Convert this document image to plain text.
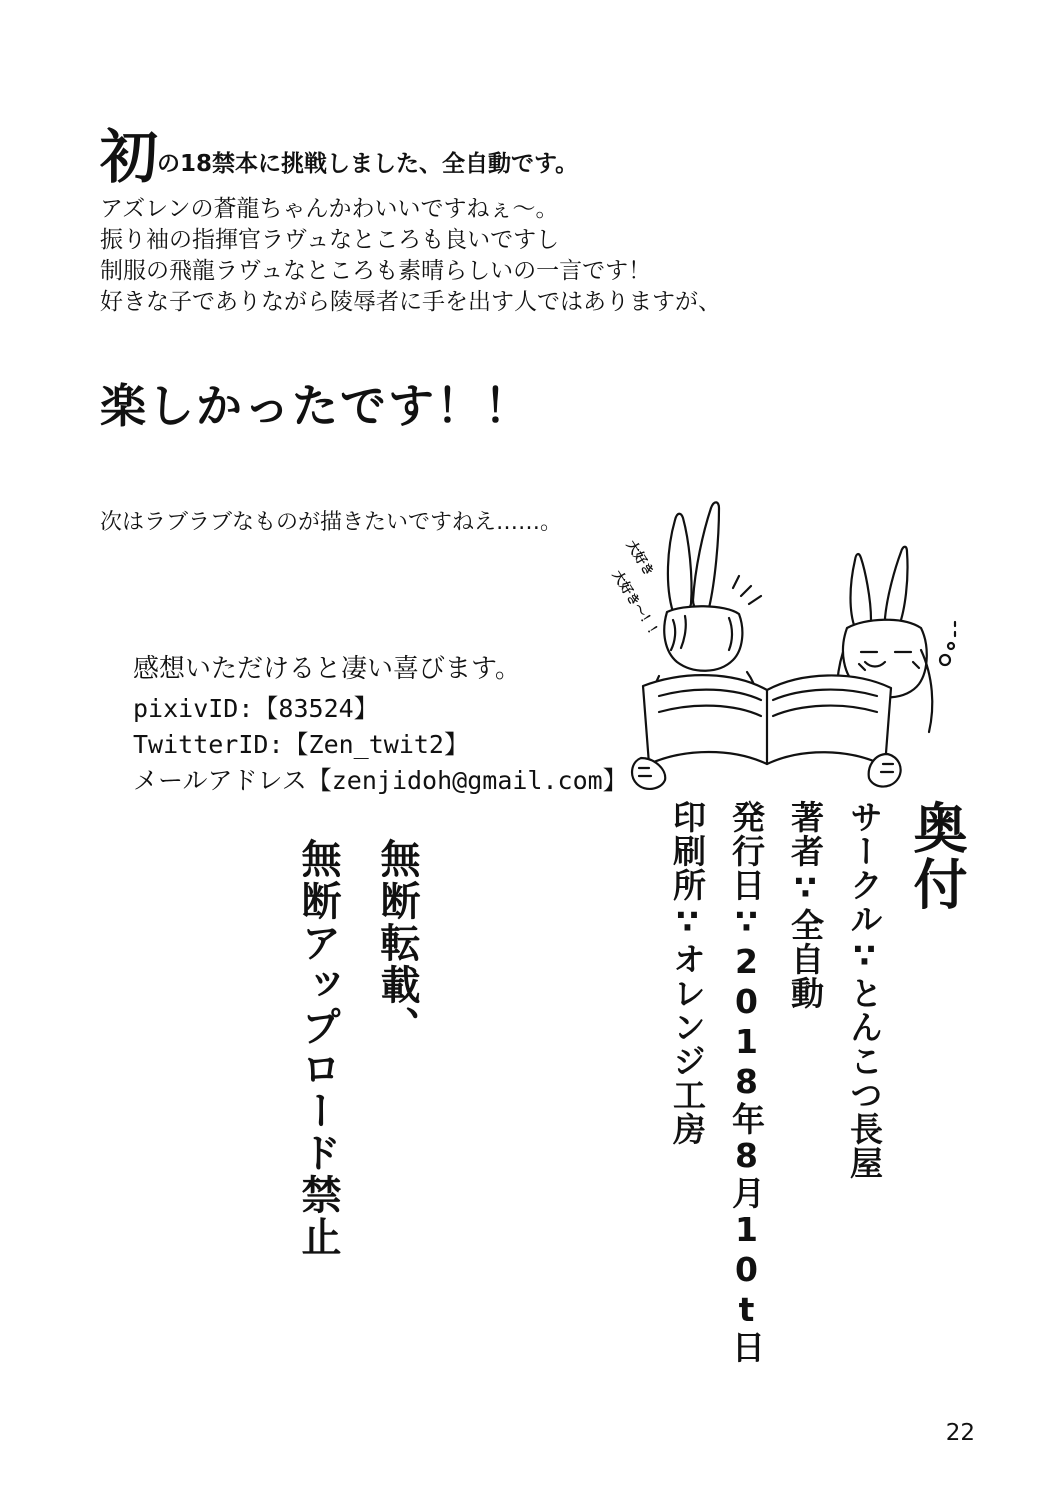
初の18禁本に挑戦しました、全自動です。
アズレンの蒼龍ちゃんかわいいですねぇ～。
振り袖の指揮官ラヴュなところも良いですし
制服の飛龍ラヴュなところも素晴らしいの一言です！
好きな子でありながら陵辱者に手を出す人ではありますが、
楽しかったです！！
次はラブラブなものが描きたいですねえ……。
感想いただけると凄い喜びます。
pixivID:【83524】
TwitterID:【Zen_twit2】
メールアドレス【zenjidoh@gmail.com】
大好き
大好き～！！
無断アップロード禁止 無断転載、	印刷所∵オレンジ工房 発行日∵2018年8月10t日 著者∵全自動 サークル∵とんこつ長屋 奥付
22
